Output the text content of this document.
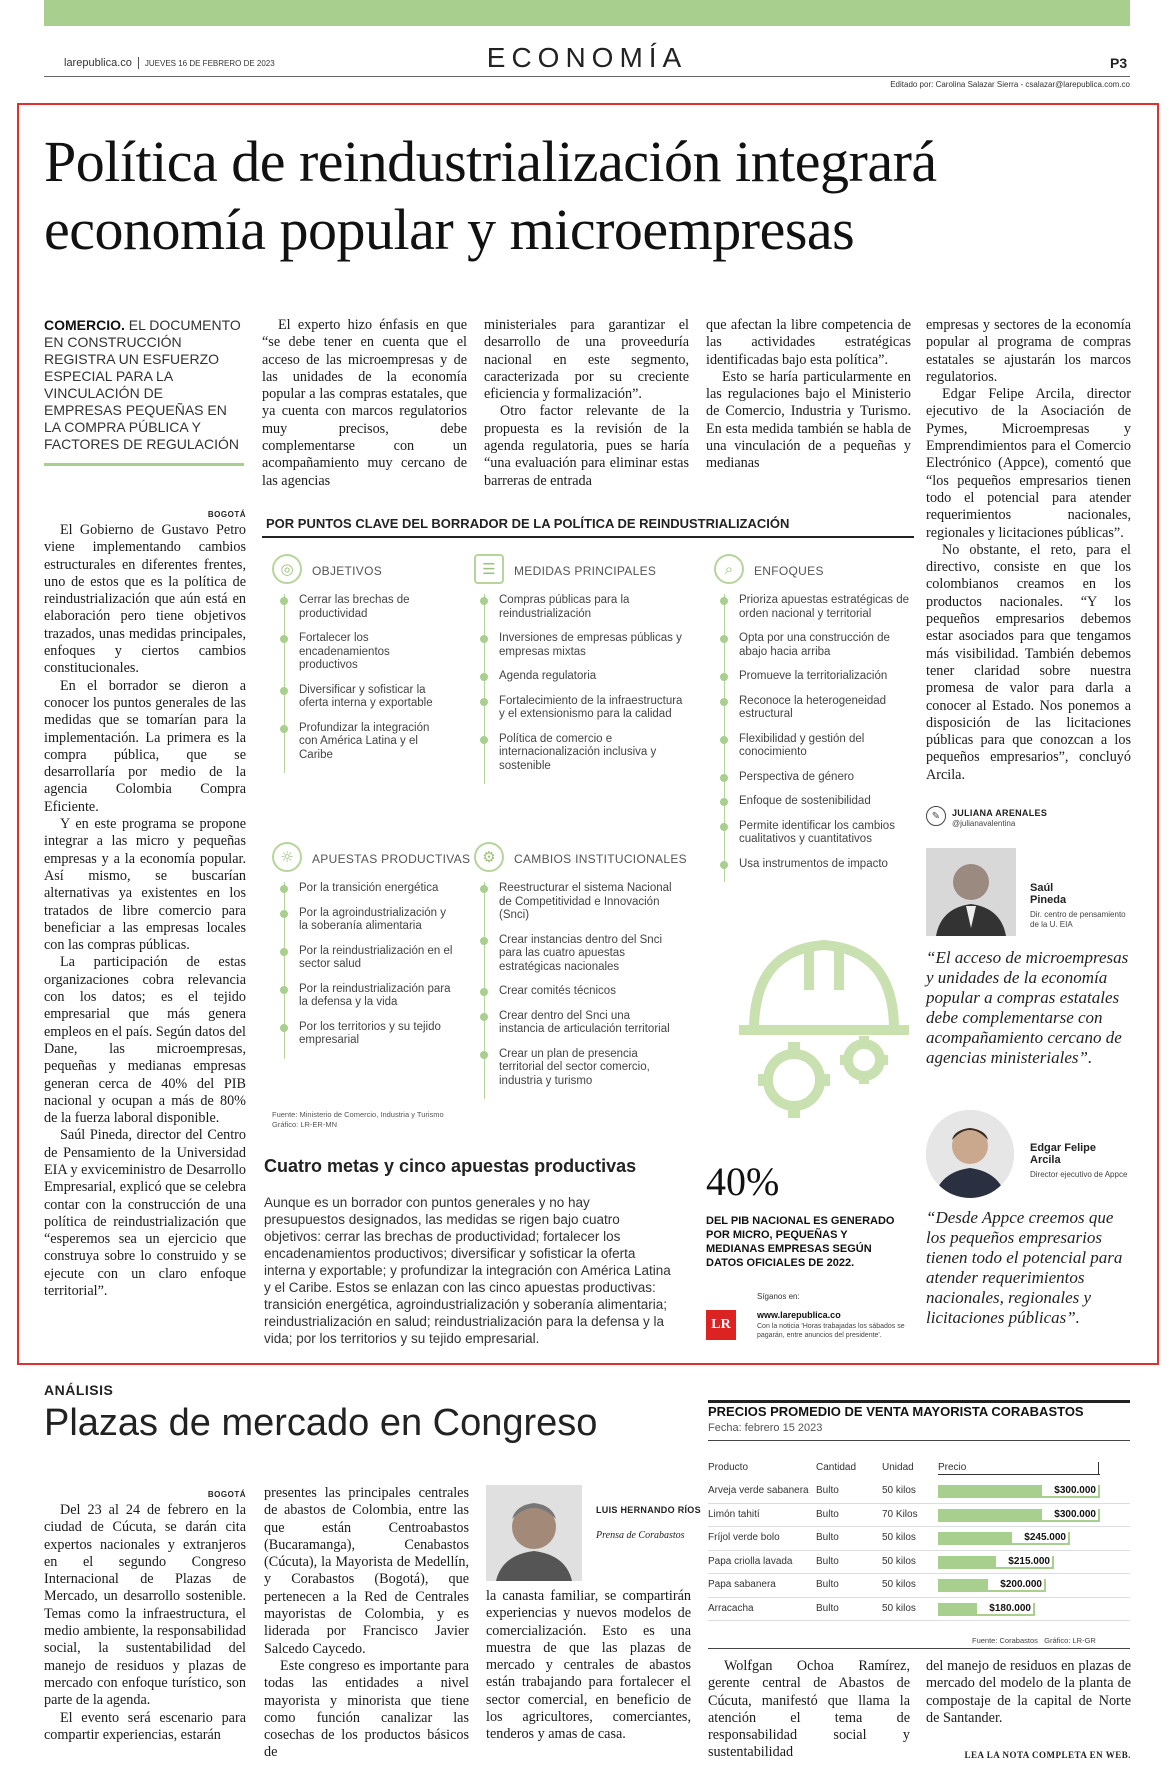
larepublica.co JUEVES 16 DE FEBRERO DE 2023	ECONOMÍA	P3
Editado por: Carolina Salazar Sierra - csalazar@larepublica.com.co
Política de reindustrialización integrará
economía popular y microempresas
COMERCIO. EL DOCUMENTO EN CONSTRUCCIÓN REGISTRA UN ESFUERZO ESPECIAL PARA LA VINCULACIÓN DE EMPRESAS PEQUEÑAS EN LA COMPRA PÚBLICA Y FACTORES DE REGULACIÓN
BOGOTÁ

El Gobierno de Gustavo Petro viene implementando cambios estructurales en diferentes frentes, uno de estos que es la política de reindustrialización que aún está en elaboración pero tiene objetivos trazados, unas medidas principales, enfoques y ciertos cambios constitucionales.

En el borrador se dieron a conocer los puntos generales de las medidas que se tomarían para la implementación. La primera es la compra pública, que se desarrollaría por medio de la agencia Colombia Compra Eficiente.

Y en este programa se propone integrar a las micro y pequeñas empresas y a la economía popular. Así mismo, se buscarían alternativas ya existentes en los tratados de libre comercio para beneficiar a las empresas locales con las compras públicas.

La participación de estas organizaciones cobra relevancia con los datos; es el tejido empresarial que más genera empleos en el país. Según datos del Dane, las microempresas, pequeñas y medianas empresas generan cerca de 40% del PIB nacional y ocupan a más de 80% de la fuerza laboral disponible.

Saúl Pineda, director del Centro de Pensamiento de la Universidad EIA y exviceministro de Desarrollo Empresarial, explicó que se celebra contar con la construcción de una política de reindustrialización que “esperemos sea un ejercicio que construya sobre lo construido y se ejecute con un claro enfoque territorial”.

El experto hizo énfasis en que “se debe tener en cuenta que el acceso de las microempresas y de las unidades de la economía popular a las compras estatales, que ya cuenta con marcos regulatorios muy precisos, debe complementarse con un acompañamiento muy cercano de las agencias

ministeriales para garantizar el desarrollo de una proveeduría nacional en este segmento, caracterizada por su creciente eficiencia y formalización”.

Otro factor relevante de la propuesta es la revisión de la agenda regulatoria, pues se haría “una evaluación para eliminar estas barreras de entrada

que afectan la libre competencia de las actividades estratégicas identificadas bajo esta política”.

Esto se haría particularmente en las regulaciones bajo el Ministerio de Comercio, Industria y Turismo. En esta medida también se habla de una vinculación de a pequeñas y medianas

empresas y sectores de la economía popular al programa de compras estatales se ajustarán los marcos regulatorios.

Edgar Felipe Arcila, director ejecutivo de la Asociación de Pymes, Microempresas y Emprendimientos para el Comercio Electrónico (Appce), comentó que “los pequeños empresarios tienen todo el potencial para atender requerimientos nacionales, regionales y licitaciones públicas”.

No obstante, el reto, para el directivo, consiste en que los colombianos creamos en los productos nacionales. “Y los pequeños empresarios debemos estar asociados para que tengamos más visibilidad. También debemos tener claridad sobre nuestra promesa de valor para darla a conocer al Estado. Nos ponemos a disposición de las licitaciones públicas para que conozcan a los pequeños empresarios”, concluyó Arcila.

✎	JULIANA ARENALES
@julianavalentina
POR PUNTOS CLAVE DEL BORRADOR DE LA POLÍTICA DE REINDUSTRIALIZACIÓN
◎	OBJETIVOS
Cerrar las brechas de productividad
Fortalecer los encadenamientos productivos
Diversificar y sofisticar la oferta interna y exportable
Profundizar la integración con América Latina y el Caribe
☰	MEDIDAS PRINCIPALES
Compras públicas para la reindustrialización
Inversiones de empresas públicas y empresas mixtas
Agenda regulatoria
Fortalecimiento de la infraestructura y el extensionismo para la calidad
Política de comercio e internacionalización inclusiva y sostenible
⌕	ENFOQUES
Prioriza apuestas estratégicas de orden nacional y territorial
Opta por una construcción de abajo hacia arriba
Promueve la territorialización
Reconoce la heterogeneidad estructural
Flexibilidad y gestión del conocimiento
Perspectiva de género
Enfoque de sostenibilidad
Permite identificar los cambios cualitativos y cuantitativos
Usa instrumentos de impacto
☼	APUESTAS PRODUCTIVAS
Por la transición energética
Por la agroindustrialización y la soberanía alimentaria
Por la reindustrialización en el sector salud
Por la reindustrialización para la defensa y la vida
Por los territorios y su tejido empresarial
⚙	CAMBIOS INSTITUCIONALES
Reestructurar el sistema Nacional de Competitividad e Innovación (Snci)
Crear instancias dentro del Snci para las cuatro apuestas estratégicas nacionales
Crear comités técnicos
Crear dentro del Snci una instancia de articulación territorial
Crear un plan de presencia territorial del sector comercio, industria y turismo
Fuente: Ministerio de Comercio, Industria y Turismo
Gráfico: LR-ER-MN
Cuatro metas y cinco apuestas productivas
Aunque es un borrador con puntos generales y no hay presupuestos designados, las medidas se rigen bajo cuatro objetivos: cerrar las brechas de productividad; fortalecer los encadenamientos productivos; diversificar y sofisticar la oferta interna y exportable; y profundizar la integración con América Latina y el Caribe. Estos se enlazan con las cinco apuestas productivas: transición energética, agroindustrialización y soberanía alimentaria; reindustrialización en salud; reindustrialización para la defensa y la vida; por los territorios y su tejido empresarial.
40%
DEL PIB NACIONAL ES GENERADO POR MICRO, PEQUEÑAS Y MEDIANAS EMPRESAS SEGÚN DATOS OFICIALES DE 2022.
LR
Síganos en:
www.larepublica.co
Con la noticia 'Horas trabajadas los sábados se pagarán, entre anuncios del presidente'.
Saúl
Pineda
Dir. centro de pensamiento de la U. EIA
“El acceso de microempresas y unidades de la economía popular a compras estatales debe complementarse con acompañamiento cercano de agencias ministeriales”.
Edgar Felipe
Arcila
Director ejecutivo de Appce
“Desde Appce creemos que los pequeños empresarios tienen todo el potencial para atender requerimientos nacionales, regionales y licitaciones públicas”.
ANÁLISIS
Plazas de mercado en Congreso
BOGOTÁ

Del 23 al 24 de febrero en la ciudad de Cúcuta, se darán cita expertos nacionales y extranjeros en el segundo Congreso Internacional de Plazas de Mercado, un desarrollo sostenible. Temas como la infraestructura, el medio ambiente, la responsabilidad social, la sustentabilidad del manejo de residuos y plazas de mercado con enfoque turístico, son parte de la agenda.

El evento será escenario para compartir experiencias, estarán

presentes las principales centrales de abastos de Colombia, entre las que están Centroabastos (Bucaramanga), Cenabastos (Cúcuta), la Mayorista de Medellín, y Corabastos (Bogotá), que pertenecen a la Red de Centrales mayoristas de Colombia, y es liderada por Francisco Javier Salcedo Caycedo.

Este congreso es importante para todas las entidades a nivel mayorista y minorista que tiene como función canalizar las cosechas de los productos básicos de

LUIS HERNANDO RÍOS
Prensa de Corabastos

la canasta familiar, se compartirán experiencias y nuevos modelos de comercialización. Esto es una muestra de que las plazas de mercado y centrales de abastos están trabajando para fortalecer el sector comercial, en beneficio de los agricultores, comerciantes, tenderos y amas de casa.

Wolfgan Ochoa Ramírez, gerente central de Abastos de Cúcuta, manifestó que llama la atención el tema de responsabilidad social y sustentabilidad

del manejo de residuos en plazas de mercado del modelo de la planta de compostaje de la capital de Norte de Santander.

LEA LA NOTA COMPLETA EN WEB.
PRECIOS PROMEDIO DE VENTA MAYORISTA CORABASTOS
Fecha: febrero 15 2023
Producto	Cantidad	Unidad Precio
Arveja verde sabanera Bulto	50 kilos	$300.000
Limón tahití	Bulto	70 Kilos	$300.000
Fríjol verde bolo	Bulto	50 kilos	$245.000
Papa criolla lavada Bulto	50 kilos	$215.000
Papa sabanera	Bulto	50 kilos	$200.000
Arracacha	Bulto	50 kilos	$180.000
Fuente: Corabastos Gráfico: LR-GR
